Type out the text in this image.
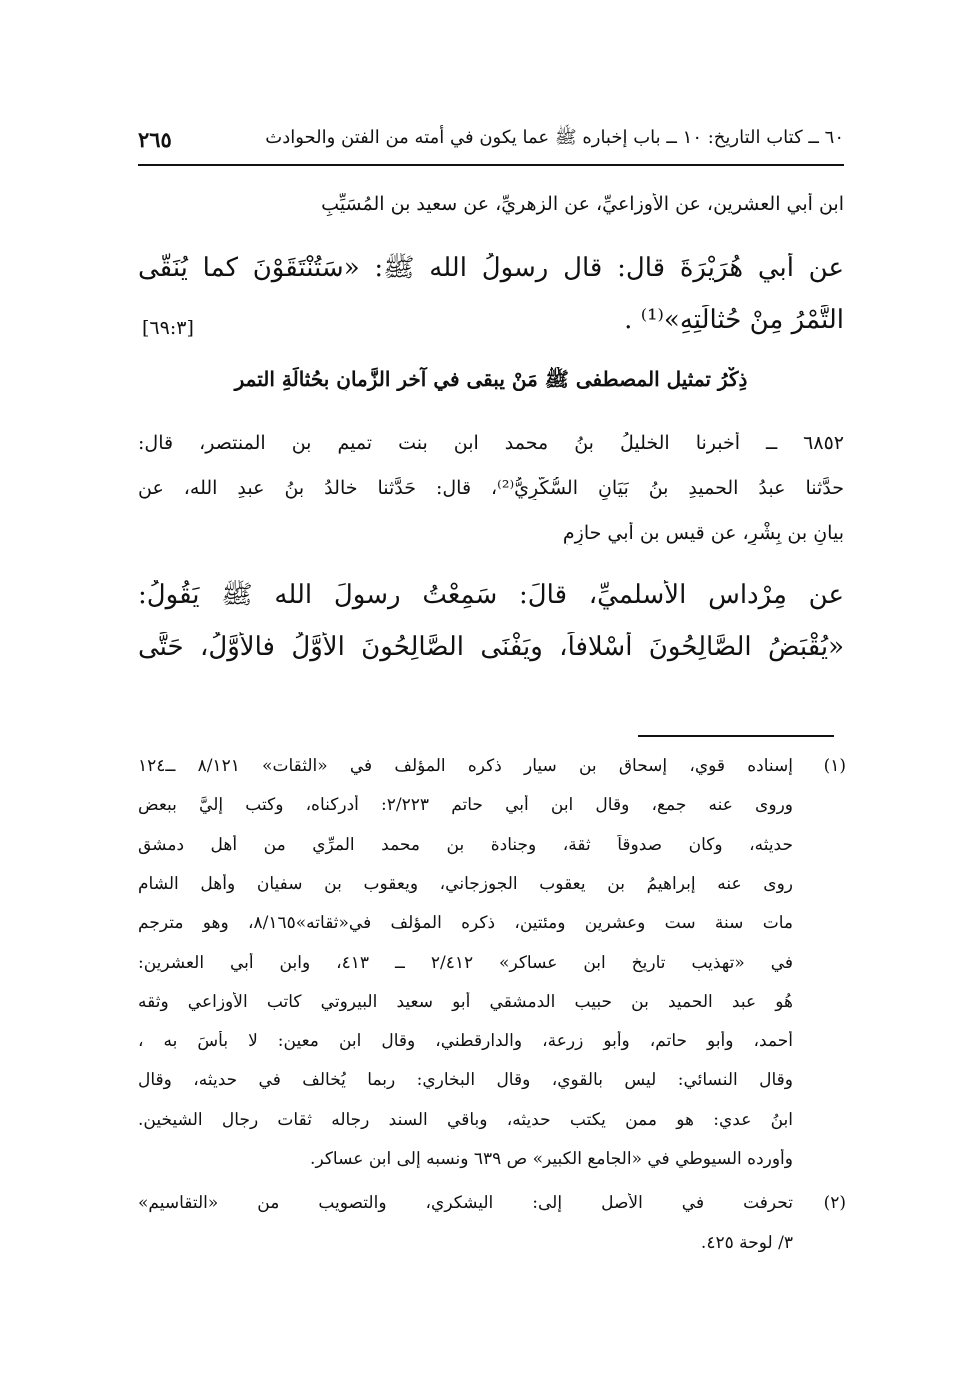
٦٠ ــ كتاب التاريخ: ١٠ ــ باب إخباره ﷺ عما يكون في أمته من الفتن والحوادث
٢٦٥
ابن أبي العشرين، عن الأوزاعيِّ، عن الزهريِّ، عن سعيد بن المُسَيِّبِ
عن أبي هُرَيْرَةَ قال: قال رسولُ الله ﷺ: «سَتُنْتَقَوْنَ كما يُنَقَّى
التَّمْرُ مِنْ حُثالَتِهِ»⁽¹⁾ .
[٦٩:٣]
ذِكْرُ تمثيل المصطفى ﷺ مَنْ يبقى في آخرِ الزَّمانِ بحُثالَةِ التمر
٦٨٥٢ ــ أخبرنا الخليلُ بنُ محمد ابن بنت تميم بن المنتصر، قال:
حدَّثنا عبدُ الحميدِ بنُ بَيَانٍ السُّكَّرِيُّ⁽²⁾، قال: حَدَّثنا خالدُ بنُ عبدِ الله، عن
بيانِ بن بِشْرٍ، عن قيسِ بنِ أبي حازِمٍ
عن مِرْداسٍ الأسلميِّ، قالَ: سَمِعْتُ رسولَ الله ﷺ يَقُولُ:
«يُقْبَضُ الصَّالِحُونَ أَسْلافاً، ويَفْنَى الصَّالِحُونَ الأَوَّلُ فالأَوَّلُ، حَتَّى
(١)
إسناده قوي، إسحاق بن سيار ذكره المؤلف في «الثقات» ٨/١٢١ ــ١٢٤
وروى عنه جمع، وقال ابن أبي حاتم ٢/٢٢٣: أدركناه، وكتب إليَّ ببعض
حديثه، وكان صدوقاً ثقة، وجنادة بن محمد المرِّي من أهل دمشق
روى عنه إبراهيمُ بن يعقوب الجوزجاني، ويعقوب بن سفيان وأهل الشام
مات سنة ست وعشرين ومئتين، ذكره المؤلف في«ثقاته»٨/١٦٥، وهو مترجم
في «تهذيب تاريخ ابن عساكر» ٢/٤١٢ ــ ٤١٣، وابن أبي العشرين:
هُو عبد الحميد بن حبيب الدمشقي أبو سعيد البيروتي كاتب الأوزاعي وثقه
أحمد، وأبو حاتم، وأبو زرعة، والدارقطني، وقال ابن معين: لا بأسَ به ،
وقال النسائي: ليس بالقوي، وقال البخاري: ربما يُخالف في حديثه، وقال
ابنُ عدي: هو ممن يكتب حديثه، وباقي السند رجاله ثقات رجال الشيخين.
وأورده السيوطي في «الجامع الكبير» ص ٦٣٩ ونسبه إلى ابن عساكر.
(٢)
تحرفت في الأصل إلى: اليشكري، والتصويب من «التقاسيم»
٣/ لوحة ٤٢٥.
